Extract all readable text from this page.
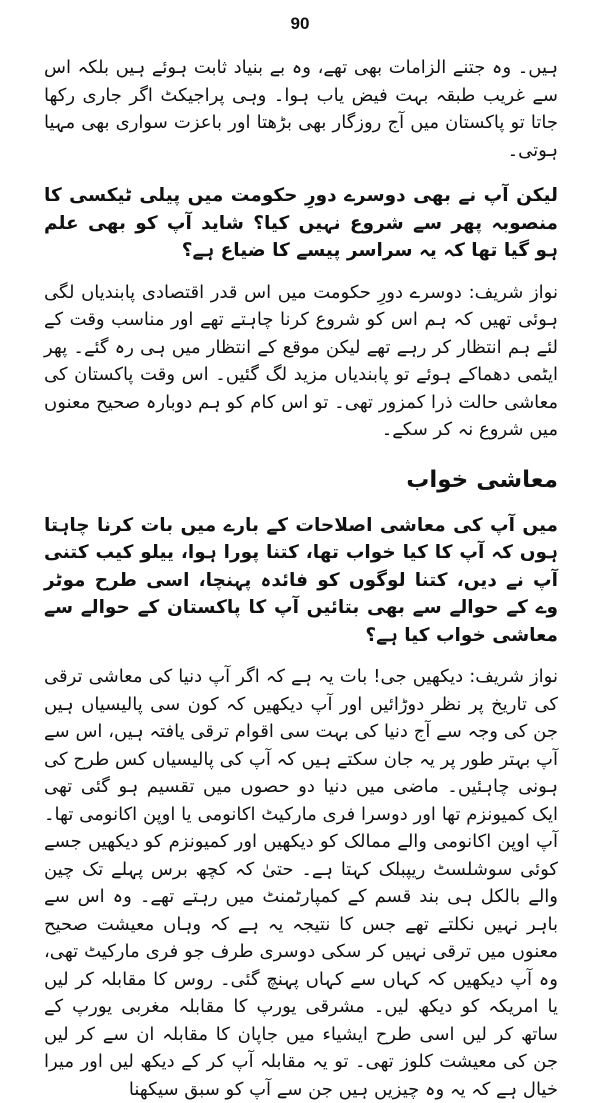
90

ہیں۔ وہ جتنے الزامات بھی تھے، وہ بے بنیاد ثابت ہوئے ہیں بلکہ اس سے غریب طبقہ بہت فیض یاب ہوا۔ وہی پراجیکٹ اگر جاری رکھا جاتا تو پاکستان میں آج روزگار بھی بڑھتا اور باعزت سواری بھی مہیا ہوتی۔

لیکن آپ نے بھی دوسرے دورِ حکومت میں پیلی ٹیکسی کا منصوبہ پھر سے شروع نہیں کیا؟ شاید آپ کو بھی علم ہو گیا تھا کہ یہ سراسر پیسے کا ضیاع ہے؟

نواز شریف: دوسرے دورِ حکومت میں اس قدر اقتصادی پابندیاں لگی ہوئی تھیں کہ ہم اس کو شروع کرنا چاہتے تھے اور مناسب وقت کے لئے ہم انتظار کر رہے تھے لیکن موقع کے انتظار میں ہی رہ گئے۔ پھر ایٹمی دھماکے ہوئے تو پابندیاں مزید لگ گئیں۔ اس وقت پاکستان کی معاشی حالت ذرا کمزور تھی۔ تو اس کام کو ہم دوبارہ صحیح معنوں میں شروع نہ کر سکے۔

معاشی خواب

میں آپ کی معاشی اصلاحات کے بارے میں بات کرنا چاہتا ہوں کہ آپ کا کیا خواب تھا، کتنا پورا ہوا، ییلو کیب کتنی آپ نے دیں، کتنا لوگوں کو فائدہ پہنچا، اسی طرح موٹر وے کے حوالے سے بھی بتائیں آپ کا پاکستان کے حوالے سے معاشی خواب کیا ہے؟

نواز شریف: دیکھیں جی! بات یہ ہے کہ اگر آپ دنیا کی معاشی ترقی کی تاریخ پر نظر دوڑائیں اور آپ دیکھیں کہ کون سی پالیسیاں ہیں جن کی وجہ سے آج دنیا کی بہت سی اقوام ترقی یافتہ ہیں، اس سے آپ بہتر طور پر یہ جان سکتے ہیں کہ آپ کی پالیسیاں کس طرح کی ہونی چاہئیں۔ ماضی میں دنیا دو حصوں میں تقسیم ہو گئی تھی ایک کمیونزم تھا اور دوسرا فری مارکیٹ اکانومی یا اوپن اکانومی تھا۔ آپ اوپن اکانومی والے ممالک کو دیکھیں اور کمیونزم کو دیکھیں جسے کوئی سوشلسٹ ریپبلک کہتا ہے۔ حتیٰ کہ کچھ برس پہلے تک چین والے بالکل ہی بند قسم کے کمپارٹمنٹ میں رہتے تھے۔ وہ اس سے باہر نہیں نکلتے تھے جس کا نتیجہ یہ ہے کہ وہاں معیشت صحیح معنوں میں ترقی نہیں کر سکی دوسری طرف جو فری مارکیٹ تھی، وہ آپ دیکھیں کہ کہاں سے کہاں پہنچ گئی۔ روس کا مقابلہ کر لیں یا امریکہ کو دیکھ لیں۔ مشرقی یورپ کا مقابلہ مغربی یورپ کے ساتھ کر لیں اسی طرح ایشیاء میں جاپان کا مقابلہ ان سے کر لیں جن کی معیشت کلوز تھی۔ تو یہ مقابلہ آپ کر کے دیکھ لیں اور میرا خیال ہے کہ یہ وہ چیزیں ہیں جن سے آپ کو سبق سیکھنا
